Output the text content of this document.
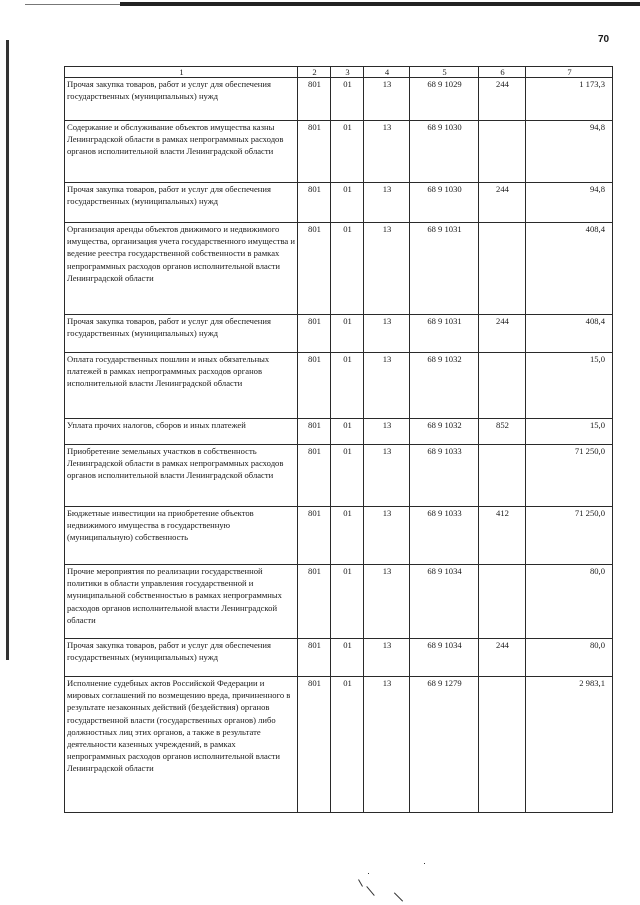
70
1	2	3	4	5	6	7
Прочая закупка товаров, работ и услуг для обеспечения государственных (муниципальных) нужд	801	01	13	68 9 1029	244	1 173,3
Содержание и обслуживание объектов имущества казны Ленинградской области в рамках непрограммных расходов органов исполнительной власти Ленинградской области	801	01	13	68 9 1030		94,8
Прочая закупка товаров, работ и услуг для обеспечения государственных (муниципальных) нужд	801	01	13	68 9 1030	244	94,8
Организация аренды объектов движимого и недвижимого имущества, организация учета государственного имущества и ведение реестра государственной собственности в рамках непрограммных расходов органов исполнительной власти Ленинградской области	801	01	13	68 9 1031		408,4
Прочая закупка товаров, работ и услуг для обеспечения государственных (муниципальных) нужд	801	01	13	68 9 1031	244	408,4
Оплата государственных пошлин и иных обязательных платежей в рамках непрограммных расходов органов исполнительной власти Ленинградской области	801	01	13	68 9 1032		15,0
Уплата прочих налогов, сборов и иных платежей	801	01	13	68 9 1032	852	15,0
Приобретение земельных участков в собственность Ленинградской области в рамках непрограммных расходов органов исполнительной власти Ленинградской области	801	01	13	68 9 1033		71 250,0
Бюджетные инвестиции на приобретение объектов недвижимого имущества в государственную (муниципальную) собственность	801	01	13	68 9 1033	412	71 250,0
Прочие мероприятия по реализации государственной политики в области управления государственной и муниципальной собственностью в рамках непрограммных расходов органов исполнительной власти Ленинградской области	801	01	13	68 9 1034		80,0
Прочая закупка товаров, работ и услуг для обеспечения государственных (муниципальных) нужд	801	01	13	68 9 1034	244	80,0
Исполнение судебных актов Российской Федерации и мировых соглашений по возмещению вреда, причиненного в результате незаконных действий (бездействия) органов государственной власти (государственных органов) либо должностных лиц этих органов, а также в результате деятельности казенных учреждений, в рамках непрограммных расходов органов исполнительной власти Ленинградской области	801	01	13	68 9 1279		2 983,1
